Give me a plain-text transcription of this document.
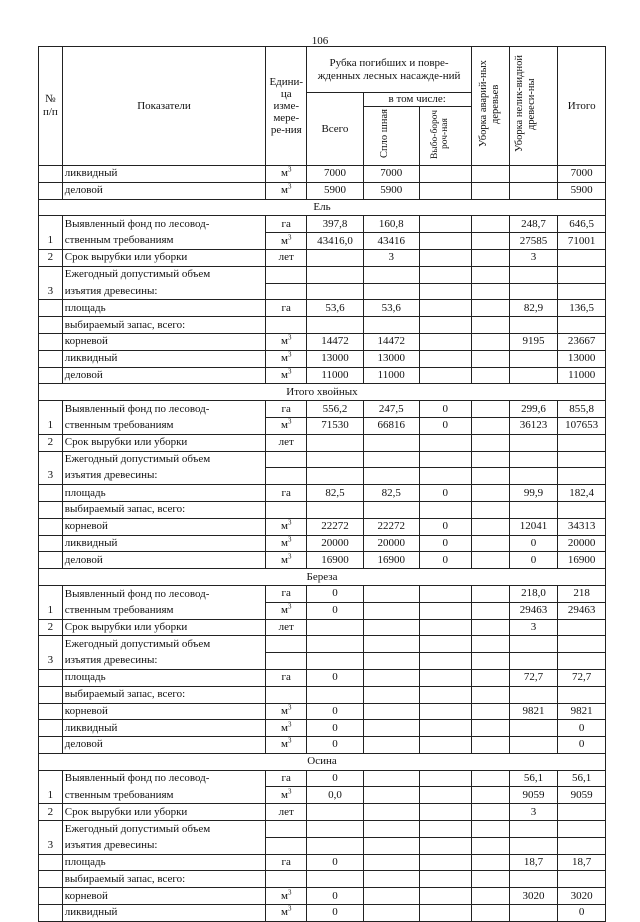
106
№ п/п	Показатели	Едини-ца изме-мере-ре-ния	Рубка погибших и повре-жденных лесных насажде-ний			Уборка аварий-ных деревьев	Уборка нелик-видной древеси-ны	Итого
			Всего	в том числе:				
				Спло шная	Выбо-бороч роч-ная			
	ликвидный	$м^3$	7000	7000				7000
	деловой	$м^3$	5900	5900				5900
Ель								
	Выявленный фонд по лесовод-	га	397,8	160,8			248,7	646,5
1	ственным требованиям	$м^3$	43416,0	43416			27585	71001
2	Срок вырубки или уборки	лет		3			3	
	Ежегодный допустимый объем							
3	изъятия древесины:							
	площадь	га	53,6	53,6			82,9	136,5
	выбираемый запас, всего:							
	корневой	$м^3$	14472	14472			9195	23667
	ликвидный	$м^3$	13000	13000				13000
	деловой	$м^3$	11000	11000				11000
Итого хвойных								
	Выявленный фонд по лесовод-	га	556,2	247,5	0		299,6	855,8
1	ственным требованиям	$м^3$	71530	66816	0		36123	107653
2	Срок вырубки или уборки	лет						
	Ежегодный допустимый объем							
3	изъятия древесины:							
	площадь	га	82,5	82,5	0		99,9	182,4
	выбираемый запас, всего:							
	корневой	$м^3$	22272	22272	0		12041	34313
	ликвидный	$м^3$	20000	20000	0		0	20000
	деловой	$м^3$	16900	16900	0		0	16900
Береза								
	Выявленный фонд по лесовод-	га	0				218,0	218
1	ственным требованиям	$м^3$	0				29463	29463
2	Срок вырубки или уборки	лет					3	
	Ежегодный допустимый объем							
3	изъятия древесины:							
	площадь	га	0				72,7	72,7
	выбираемый запас, всего:							
	корневой	$м^3$	0				9821	9821
	ликвидный	$м^3$	0					0
	деловой	$м^3$	0					0
Осина								
	Выявленный фонд по лесовод-	га	0				56,1	56,1
1	ственным требованиям	$м^3$	0,0				9059	9059
2	Срок вырубки или уборки	лет					3	
	Ежегодный допустимый объем							
3	изъятия древесины:							
	площадь	га	0				18,7	18,7
	выбираемый запас, всего:							
	корневой	$м^3$	0				3020	3020
	ликвидный	$м^3$	0					0
